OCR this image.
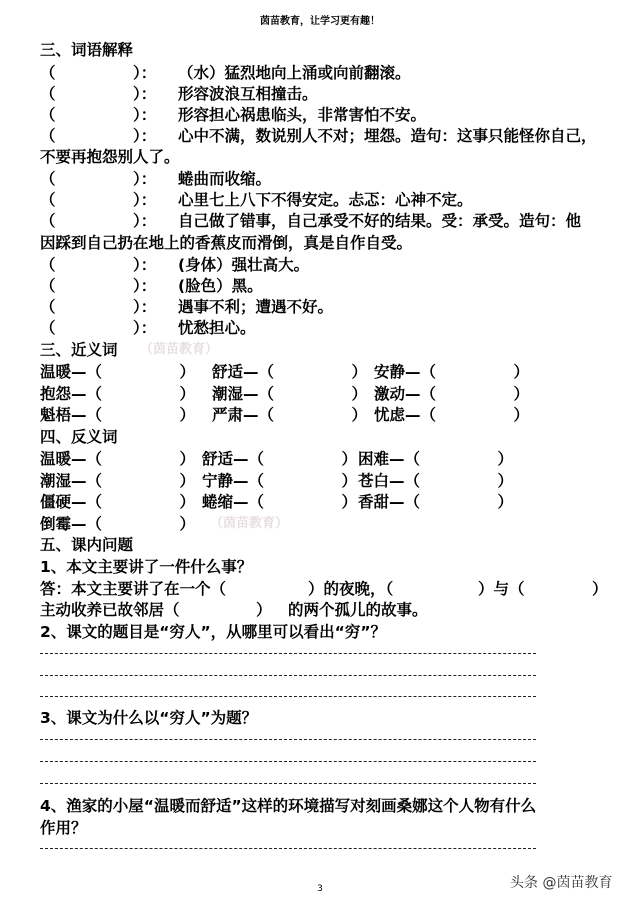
茵苗教育，让学习更有趣！
三、词语解释
（　　　　　）： （水）猛烈地向上涌或向前翻滚。
（　　　　　）： 形容波浪互相撞击。
（　　　　　）： 形容担心祸患临头，非常害怕不安。
（　　　　　）： 心中不满，数说别人不对；埋怨。造句：这事只能怪你自己，
不要再抱怨别人了。
（　　　　　）： 蜷曲而收缩。
（　　　　　）： 心里七上八下不得安定。忐忑：心神不定。
（　　　　　）： 自己做了错事，自己承受不好的结果。受：承受。造句：他
因踩到自己扔在地上的香蕉皮而滑倒，真是自作自受。
（　　　　　）： (身体）强壮高大。
（　　　　　）： (脸色）黑。
（　　　　　）： 遇事不利；遭遇不好。
（　　　　　）： 忧愁担心。
三、近义词 （茵苗教育）
温暖—（　　　　　） 舒适—（　　　　　） 安静—（　　　　　）
抱怨—（　　　　　） 潮湿—（　　　　　） 激动—（　　　　　）
魁梧—（　　　　　） 严肃—（　　　　　） 忧虑—（　　　　　）
四、反义词
温暖—（　　　　　） 舒适—（　　　　　） 困难—（　　　　　）
潮湿—（　　　　　） 宁静—（　　　　　） 苍白—（　　　　　）
僵硬—（　　　　　） 蜷缩—（　　　　　） 香甜—（　　　　　）
倒霉—（　　　　　） （茵苗教育）
五、课内问题
1、本文主要讲了一件什么事？
答：本文主要讲了在一个（	）的夜晚，（	）与（	）
主动收养已故邻居（	） 的两个孤儿的故事。
2、课文的题目是“穷人”，从哪里可以看出“穷”？
3、课文为什么以“穷人”为题？
4、渔家的小屋“温暖而舒适”这样的环境描写对刻画桑娜这个人物有什么
作用？
3	头条 @茵苗教育
